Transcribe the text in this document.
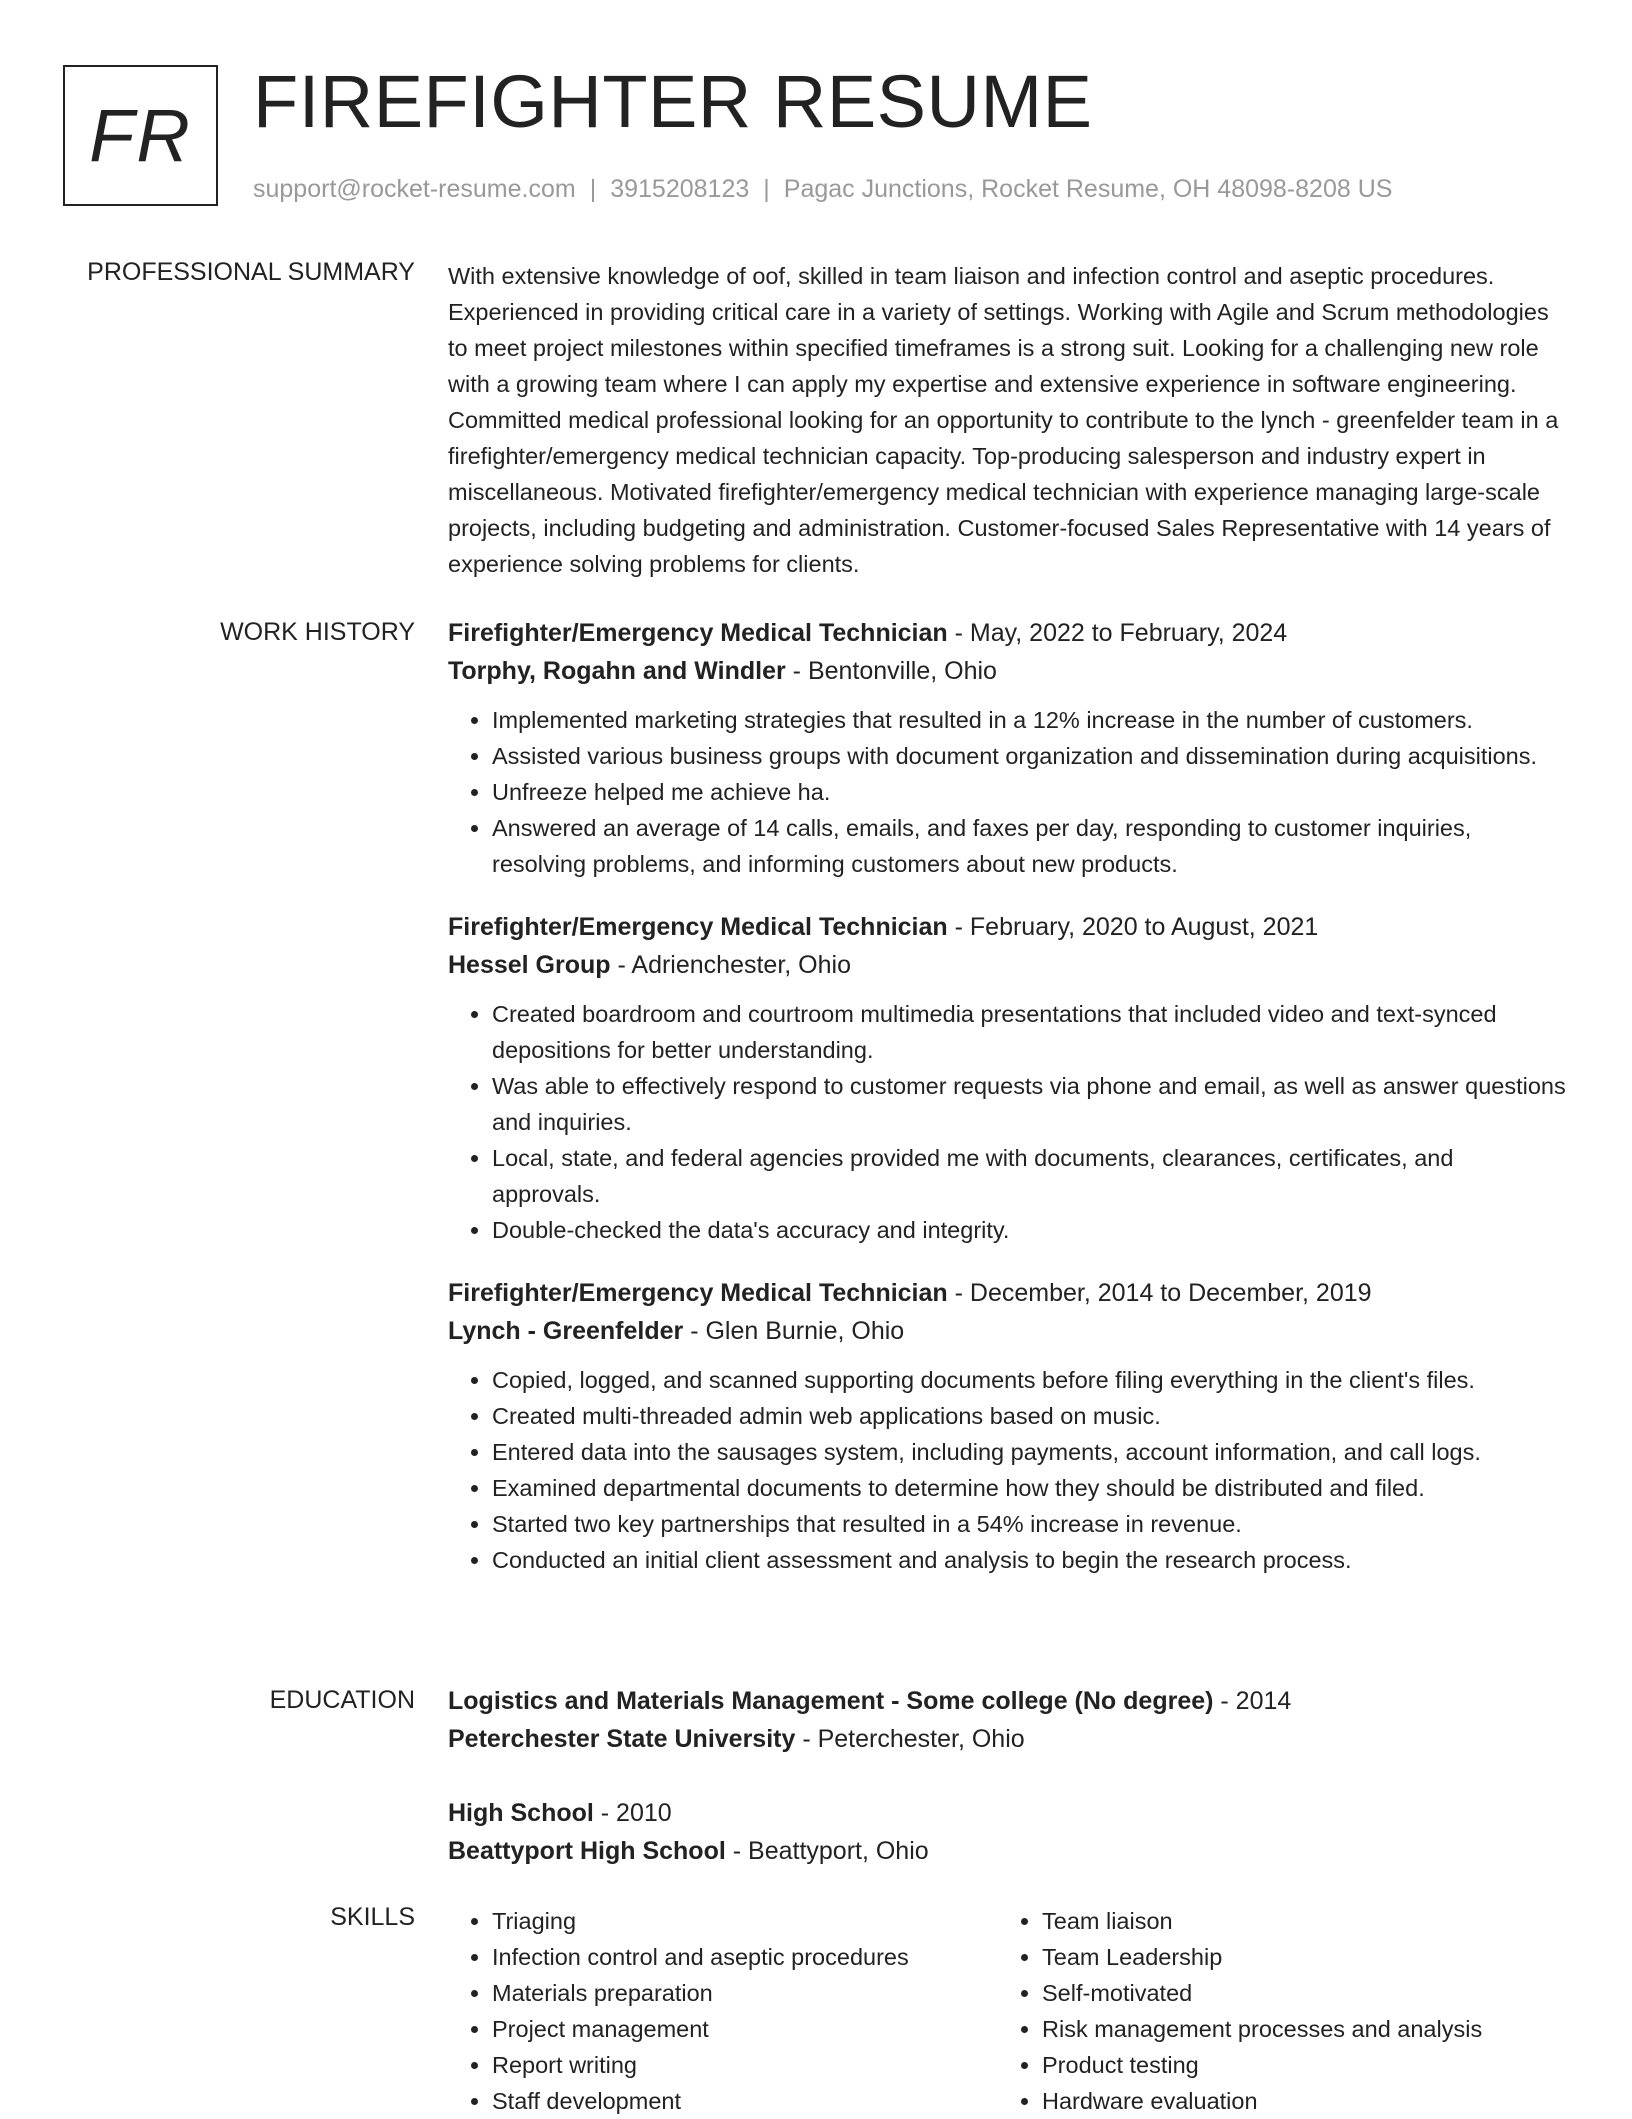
FR FIREFIGHTER RESUME
support@rocket-resume.com | 3915208123 | Pagac Junctions, Rocket Resume, OH 48098-8208 US
PROFESSIONAL SUMMARY With extensive knowledge of oof, skilled in team liaison and infection control and aseptic procedures. Experienced in providing critical care in a variety of settings. Working with Agile and Scrum methodologies to meet project milestones within specified timeframes is a strong suit. Looking for a challenging new role with a growing team where I can apply my expertise and extensive experience in software engineering. Committed medical professional looking for an opportunity to contribute to the lynch - greenfelder team in a firefighter/emergency medical technician capacity. Top-producing salesperson and industry expert in miscellaneous. Motivated firefighter/emergency medical technician with experience managing large-scale projects, including budgeting and administration. Customer-focused Sales Representative with 14 years of experience solving problems for clients.

WORK HISTORY Firefighter/Emergency Medical Technician - May, 2022 to February, 2024
Torphy, Rogahn and Windler - Bentonville, Ohio
• Implemented marketing strategies that resulted in a 12% increase in the number of customers.
• Assisted various business groups with document organization and dissemination during acquisitions.
• Unfreeze helped me achieve ha.
• Answered an average of 14 calls, emails, and faxes per day, responding to customer inquiries, resolving problems, and informing customers about new products.
Firefighter/Emergency Medical Technician - February, 2020 to August, 2021
Hessel Group - Adrienchester, Ohio
• Created boardroom and courtroom multimedia presentations that included video and text-synced depositions for better understanding.
• Was able to effectively respond to customer requests via phone and email, as well as answer questions and inquiries.
• Local, state, and federal agencies provided me with documents, clearances, certificates, and approvals.
• Double-checked the data's accuracy and integrity.
Firefighter/Emergency Medical Technician - December, 2014 to December, 2019
Lynch - Greenfelder - Glen Burnie, Ohio
• Copied, logged, and scanned supporting documents before filing everything in the client's files.
• Created multi-threaded admin web applications based on music.
• Entered data into the sausages system, including payments, account information, and call logs.
• Examined departmental documents to determine how they should be distributed and filed.
• Started two key partnerships that resulted in a 54% increase in revenue.
• Conducted an initial client assessment and analysis to begin the research process.
EDUCATION Logistics and Materials Management - Some college (No degree) - 2014
Peterchester State University - Peterchester, Ohio
High School - 2010
Beattyport High School - Beattyport, Ohio
SKILLS
•	Triaging
• Infection control and aseptic procedures
• Materials preparation
• Project management
• Report writing
• Staff development
• Team liaison
• Team Leadership
• Self-motivated
• Risk management processes and analysis
• Product testing
• Hardware evaluation
